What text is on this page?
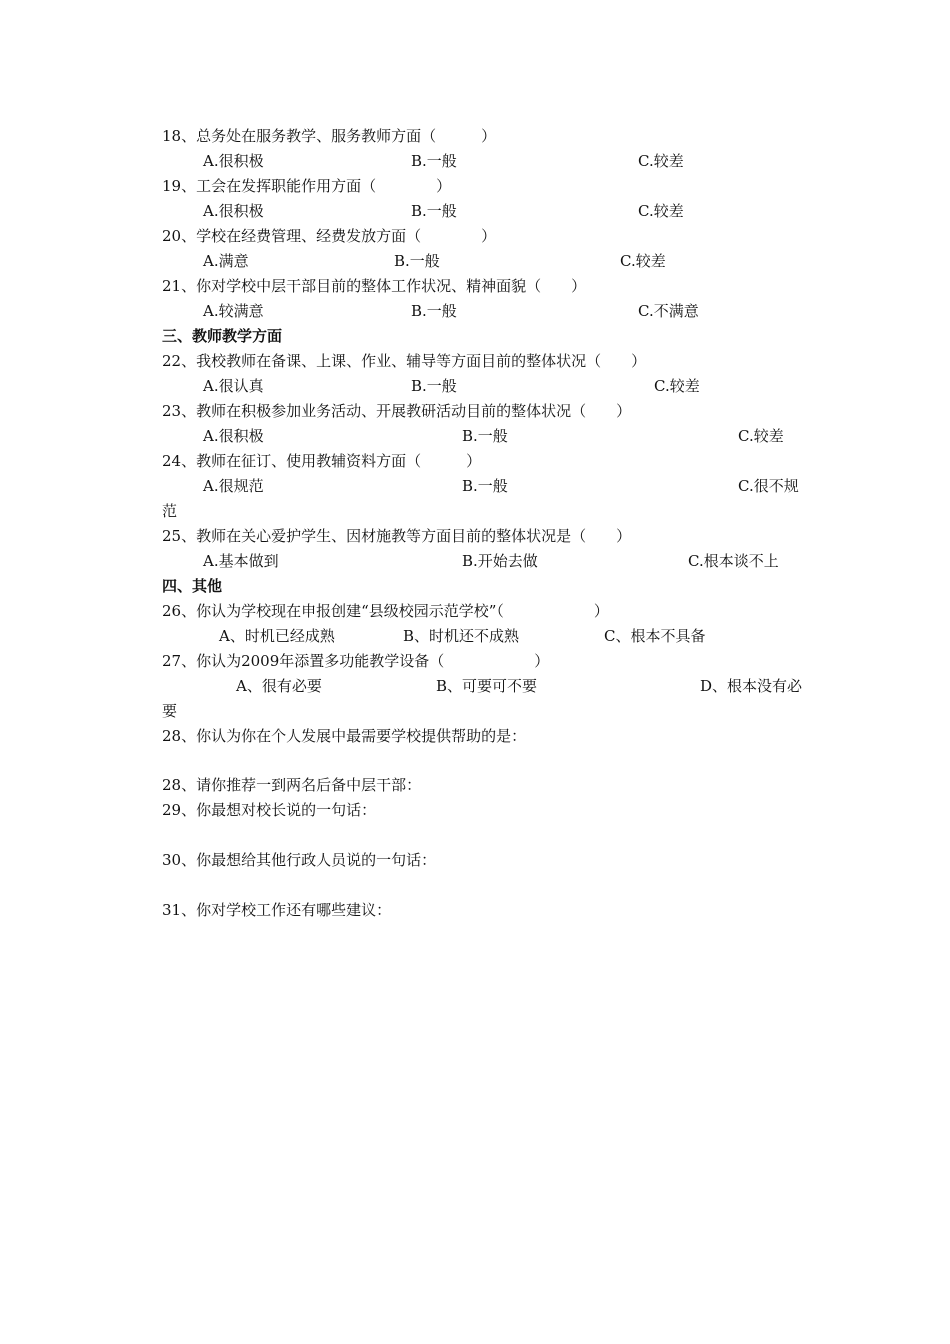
18、总务处在服务教学、服务教师方面（　　　）
A.很积极	B.一般	C.较差
19、工会在发挥职能作用方面（　　　　）
A.很积极	B.一般	C.较差
20、学校在经费管理、经费发放方面（　　　　）
A.满意	B.一般	C.较差
21、你对学校中层干部目前的整体工作状况、精神面貌（　　）
A.较满意	B.一般	C.不满意
三、教师教学方面
22、我校教师在备课、上课、作业、辅导等方面目前的整体状况（　　）
A.很认真	B.一般	C.较差
23、教师在积极参加业务活动、开展教研活动目前的整体状况（　　）
A.很积极	B.一般	C.较差
24、教师在征订、使用教辅资料方面（　　　）
A.很规范	B.一般	C.很不规
范
25、教师在关心爱护学生、因材施教等方面目前的整体状况是（　　）
A.基本做到	B.开始去做	C.根本谈不上
四、其他
26、你认为学校现在申报创建“县级校园示范学校”（　　　　　　）
A、时机已经成熟	B、时机还不成熟	C、根本不具备
27、你认为2009年添置多功能教学设备（　　　　　　）
A、很有必要	B、可要可不要	D、根本没有必
要
28、你认为你在个人发展中最需要学校提供帮助的是：
28、请你推荐一到两名后备中层干部：
29、你最想对校长说的一句话：
30、你最想给其他行政人员说的一句话：
31、你对学校工作还有哪些建议：
